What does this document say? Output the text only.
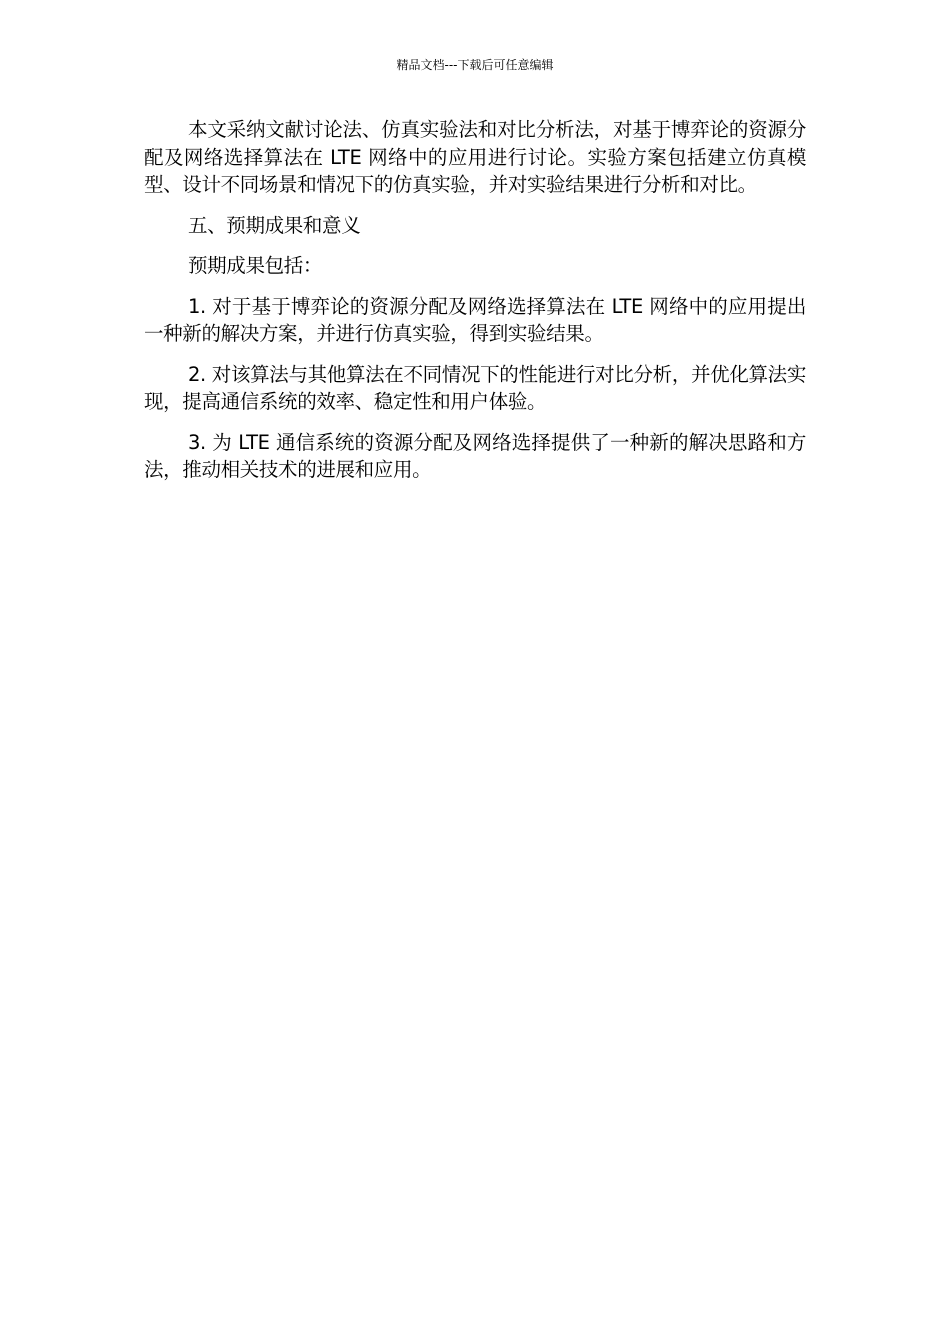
精品文档---下载后可任意编辑

本文采纳文献讨论法、仿真实验法和对比分析法，对基于博弈论的资源分配及网络选择算法在 LTE 网络中的应用进行讨论。实验方案包括建立仿真模型、设计不同场景和情况下的仿真实验，并对实验结果进行分析和对比。

五、预期成果和意义

预期成果包括：

1. 对于基于博弈论的资源分配及网络选择算法在 LTE 网络中的应用提出一种新的解决方案，并进行仿真实验，得到实验结果。

2. 对该算法与其他算法在不同情况下的性能进行对比分析，并优化算法实现，提高通信系统的效率、稳定性和用户体验。

3. 为 LTE 通信系统的资源分配及网络选择提供了一种新的解决思路和方法，推动相关技术的进展和应用。
